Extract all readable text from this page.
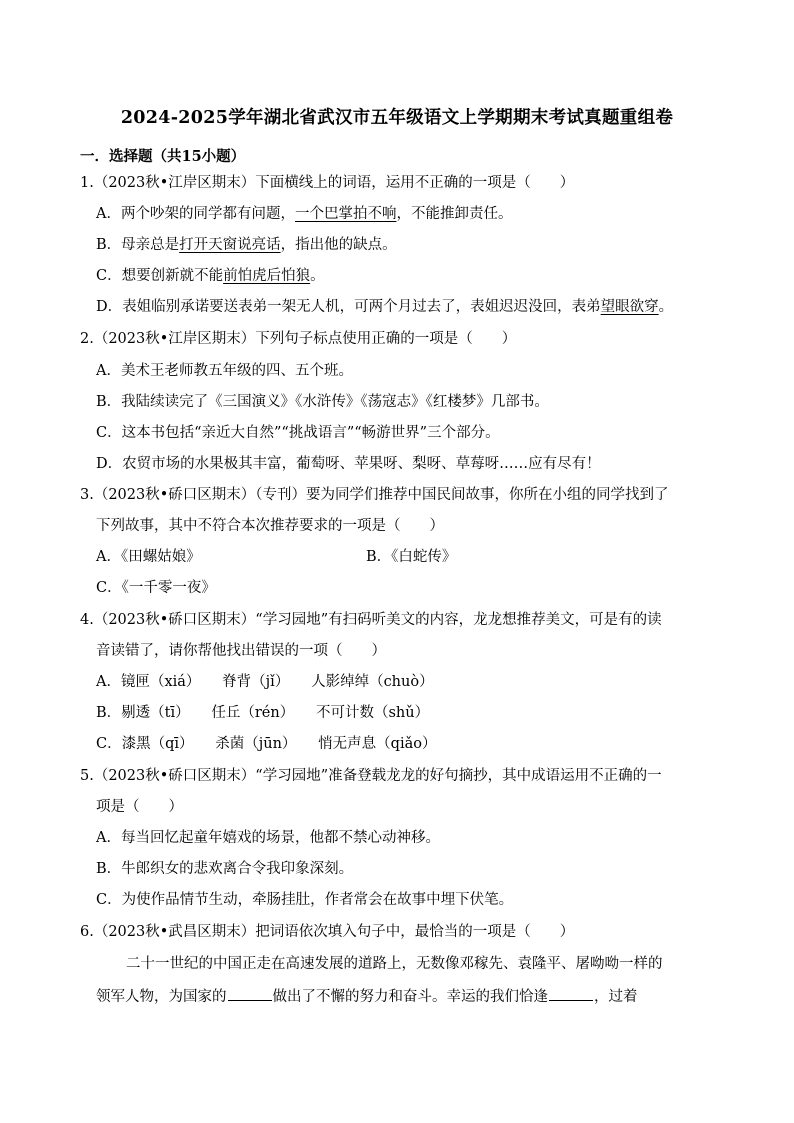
2024-2025学年湖北省武汉市五年级语文上学期期末考试真题重组卷
一．选择题（共15小题）
1.（2023秋•江岸区期末）下面横线上的词语，运用不正确的一项是（　　）
A．两个吵架的同学都有问题，一个巴掌拍不响，不能推卸责任。
B．母亲总是打开天窗说亮话，指出他的缺点。
C．想要创新就不能前怕虎后怕狼。
D．表姐临别承诺要送表弟一架无人机，可两个月过去了，表姐迟迟没回，表弟望眼欲穿。
2.（2023秋•江岸区期末）下列句子标点使用正确的一项是（　　）
A．美术王老师教五年级的四、五个班。
B．我陆续读完了《三国演义》《水浒传》《荡寇志》《红楼梦》几部书。
C．这本书包括“亲近大自然”“挑战语言”“畅游世界”三个部分。
D．农贸市场的水果极其丰富，葡萄呀、苹果呀、梨呀、草莓呀……应有尽有！
3.（2023秋•硚口区期末）（专刊）要为同学们推荐中国民间故事，你所在小组的同学找到了
下列故事，其中不符合本次推荐要求的一项是（　　）
A．《田螺姑娘》	B．《白蛇传》
C．《一千零一夜》
4.（2023秋•硚口区期末）“学习园地”有扫码听美文的内容，龙龙想推荐美文，可是有的读
音读错了，请你帮他找出错误的一项（　　）
A．镜匣（xiá）　　脊背（jǐ）　　人影绰绰（chuò）
B．剔透（tī）　　任丘（rén）　　不可计数（shǔ）
C．漆黑（qī）　　杀菌（jūn）　　悄无声息（qiǎo）
5.（2023秋•硚口区期末）“学习园地”准备登载龙龙的好句摘抄，其中成语运用不正确的一
项是（　　）
A．每当回忆起童年嬉戏的场景，他都不禁心动神移。
B．牛郎织女的悲欢离合令我印象深刻。
C．为使作品情节生动，牵肠挂肚，作者常会在故事中埋下伏笔。
6.（2023秋•武昌区期末）把词语依次填入句子中，最恰当的一项是（　　）
二十一世纪的中国正走在高速发展的道路上，无数像邓稼先、袁隆平、屠呦呦一样的
领军人物，为国家的	做出了不懈的努力和奋斗。幸运的我们恰逢	，过着
